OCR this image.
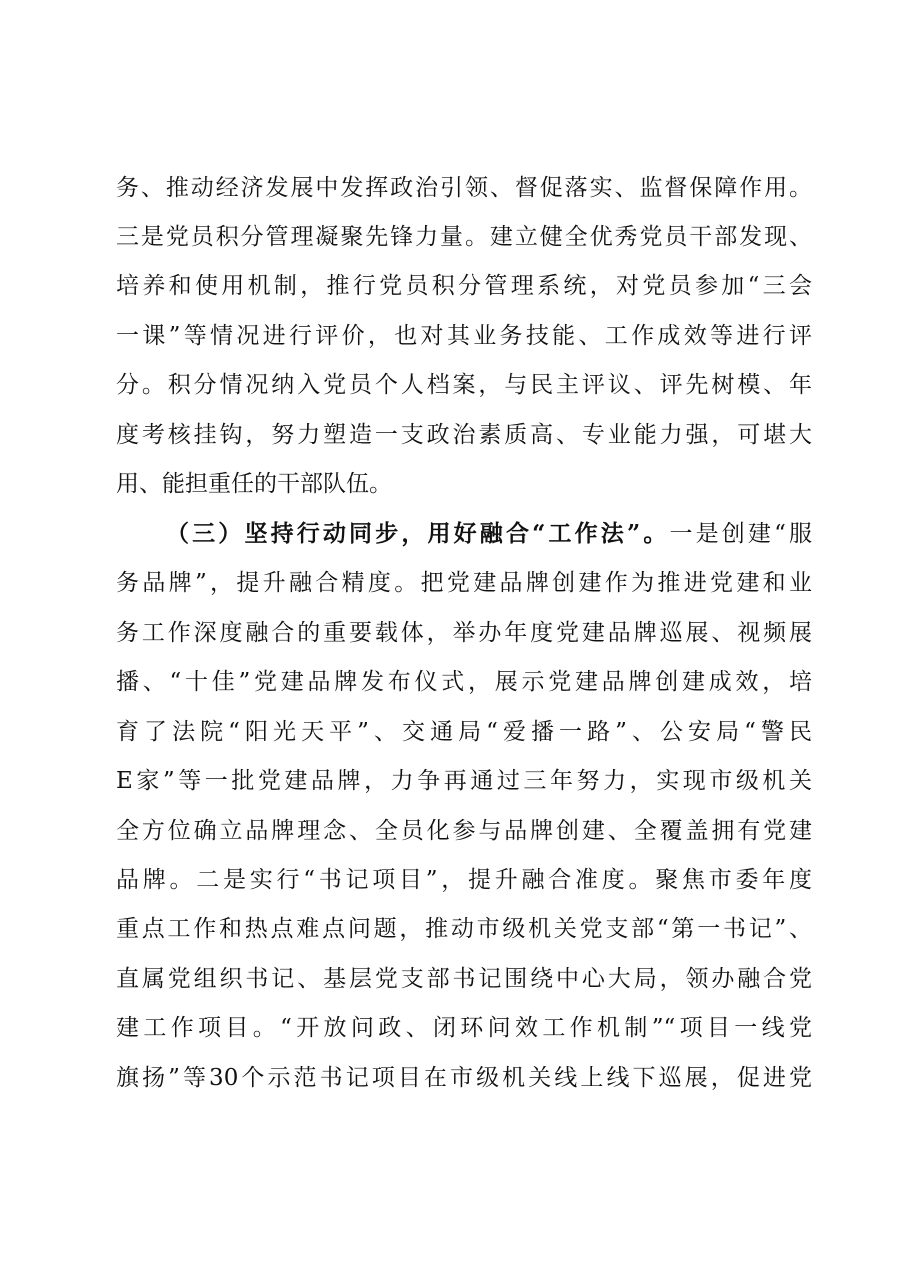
务、推动经济发展中发挥政治引领、督促落实、监督保障作用。
三是党员积分管理凝聚先锋力量。建立健全优秀党员干部发现、
培养和使用机制，推行党员积分管理系统，对党员参加“三会
一课”等情况进行评价，也对其业务技能、工作成效等进行评
分。积分情况纳入党员个人档案，与民主评议、评先树模、年
度考核挂钩，努力塑造一支政治素质高、专业能力强，可堪大
用、能担重任的干部队伍。
（三）坚持行动同步，用好融合“工作法”。一是创建“服
务品牌”，提升融合精度。把党建品牌创建作为推进党建和业
务工作深度融合的重要载体，举办年度党建品牌巡展、视频展
播、“十佳”党建品牌发布仪式，展示党建品牌创建成效，培
育了法院“阳光天平”、交通局“爱播一路”、公安局“警民
E家”等一批党建品牌，力争再通过三年努力，实现市级机关
全方位确立品牌理念、全员化参与品牌创建、全覆盖拥有党建
品牌。二是实行“书记项目”，提升融合准度。聚焦市委年度
重点工作和热点难点问题，推动市级机关党支部“第一书记”、
直属党组织书记、基层党支部书记围绕中心大局，领办融合党
建工作项目。“开放问政、闭环问效工作机制”“项目一线党
旗扬”等30个示范书记项目在市级机关线上线下巡展，促进党
